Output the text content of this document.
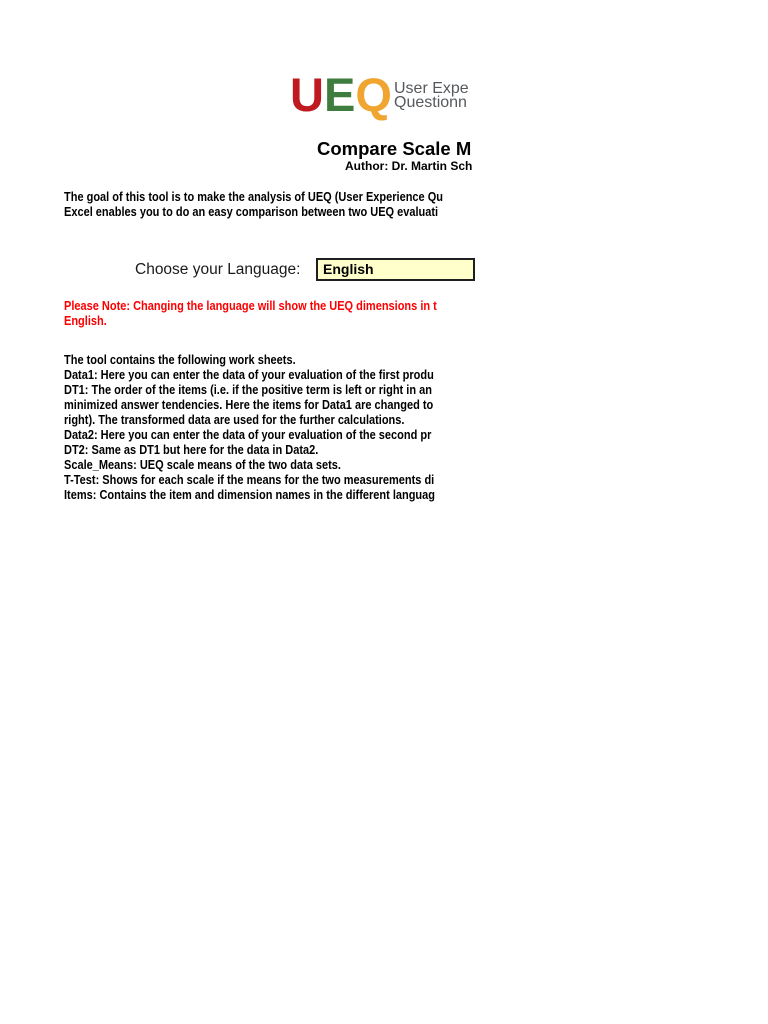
UEQ User Expe
Questionn
Compare Scale M
Author: Dr. Martin Sch
The goal of this tool is to make the analysis of UEQ (User Experience Qu
Excel enables you to do an easy comparison between two UEQ evaluati
Choose your Language:	English
Please Note: Changing the language will show the UEQ dimensions in t
English.
The tool contains the following work sheets.
Data1: Here you can enter the data of your evaluation of the first produ
DT1: The order of the items (i.e. if the positive term is left or right in an
minimized answer tendencies. Here the items for Data1 are changed to
right). The transformed data are used for the further calculations.
Data2: Here you can enter the data of your evaluation of the second pr
DT2: Same as DT1 but here for the data in Data2.
Scale_Means: UEQ scale means of the two data sets.
T-Test: Shows for each scale if the means for the two measurements di
Items: Contains the item and dimension names in the different languag
